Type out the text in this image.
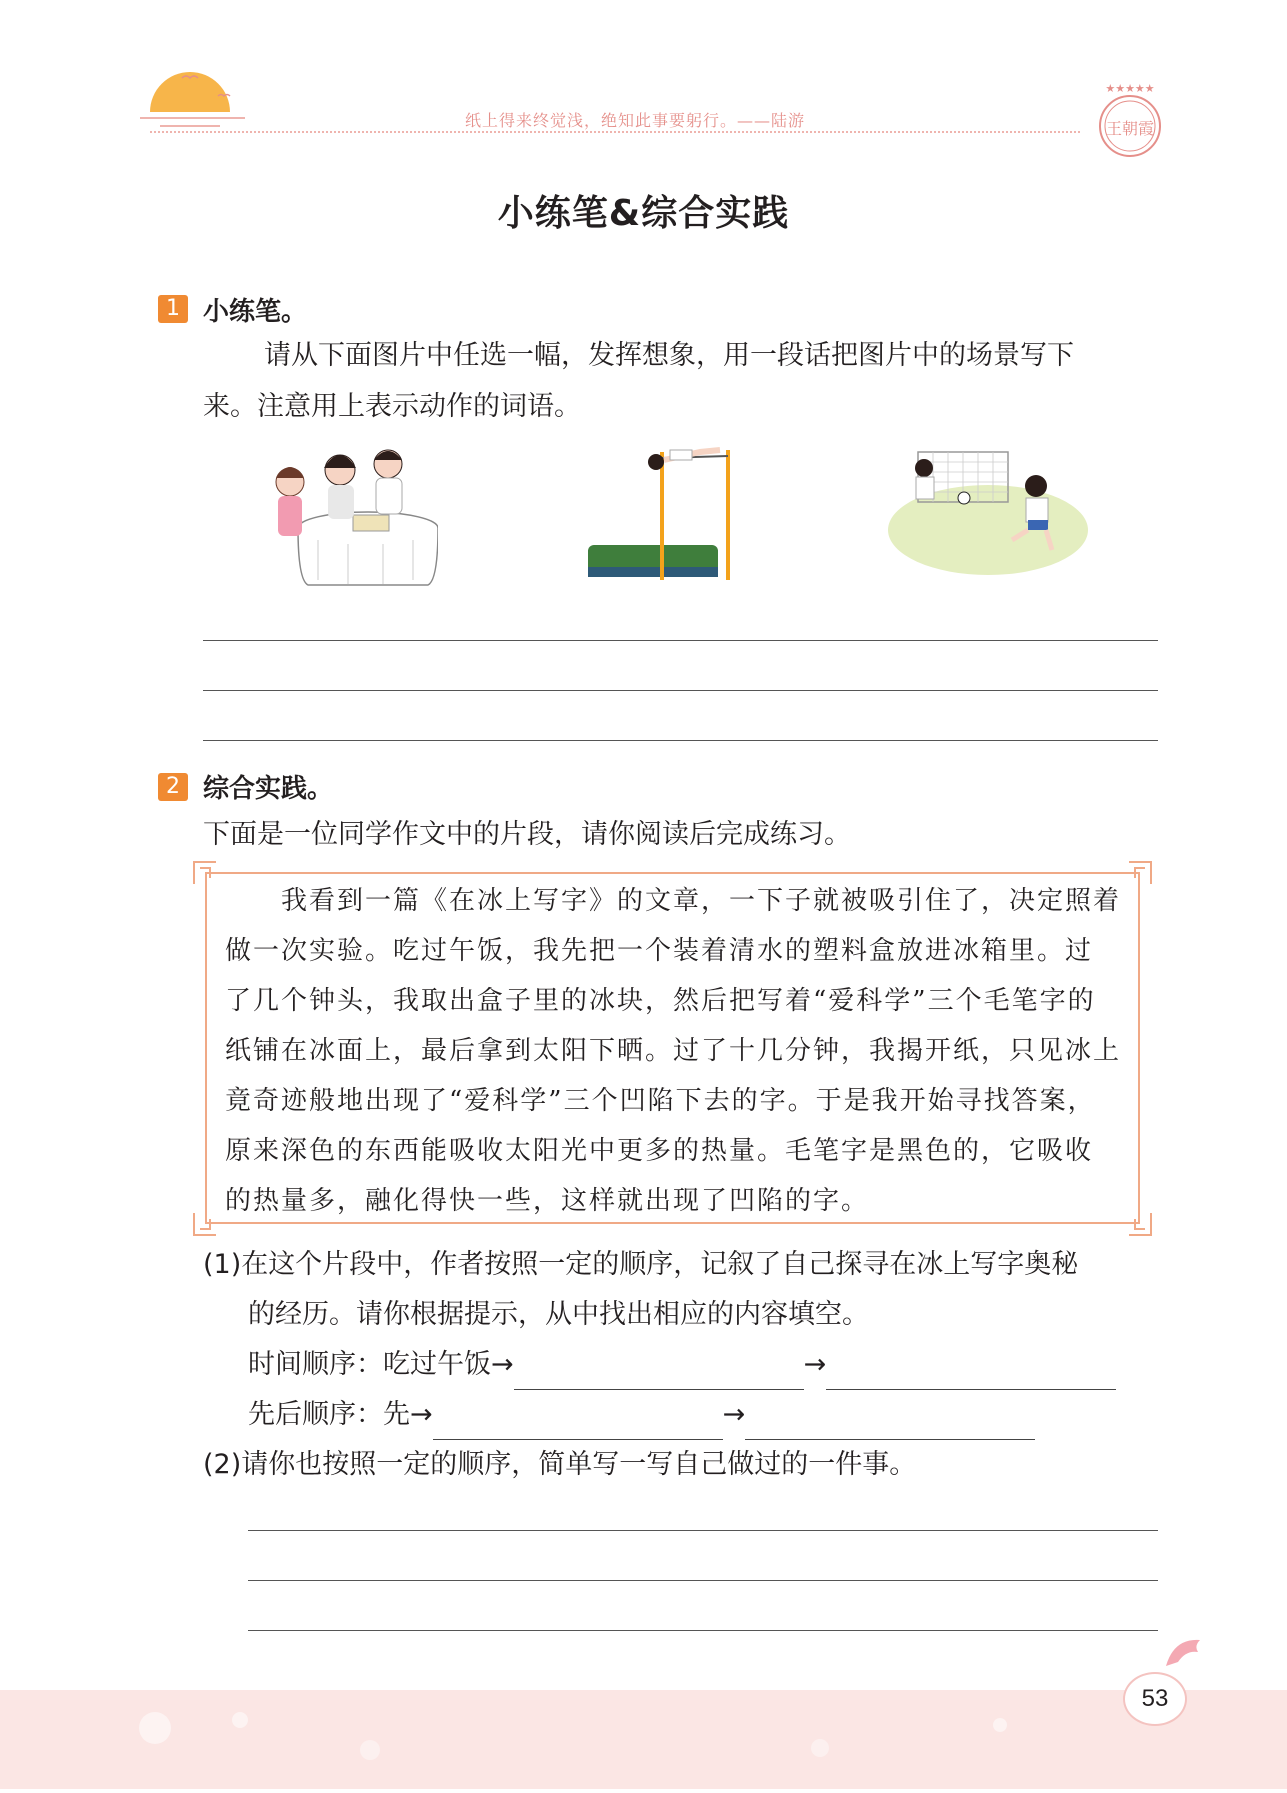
纸上得来终觉浅，绝知此事要躬行。——陆游
★★★★★
王朝霞
小练笔&综合实践
1 小练笔。
请从下面图片中任选一幅，发挥想象，用一段话把图片中的场景写下
来。注意用上表示动作的词语。
2 综合实践。
下面是一位同学作文中的片段，请你阅读后完成练习。
我看到一篇《在冰上写字》的文章，一下子就被吸引住了，决定照着
做一次实验。吃过午饭，我先把一个装着清水的塑料盒放进冰箱里。过
了几个钟头，我取出盒子里的冰块，然后把写着“爱科学”三个毛笔字的
纸铺在冰面上，最后拿到太阳下晒。过了十几分钟，我揭开纸，只见冰上
竟奇迹般地出现了“爱科学”三个凹陷下去的字。于是我开始寻找答案，
原来深色的东西能吸收太阳光中更多的热量。毛笔字是黑色的，它吸收
的热量多，融化得快一些，这样就出现了凹陷的字。
(1)在这个片段中，作者按照一定的顺序，记叙了自己探寻在冰上写字奥秘
的经历。请你根据提示，从中找出相应的内容填空。
时间顺序：吃过午饭→	→
先后顺序：先→	→
(2)请你也按照一定的顺序，简单写一写自己做过的一件事。
53
